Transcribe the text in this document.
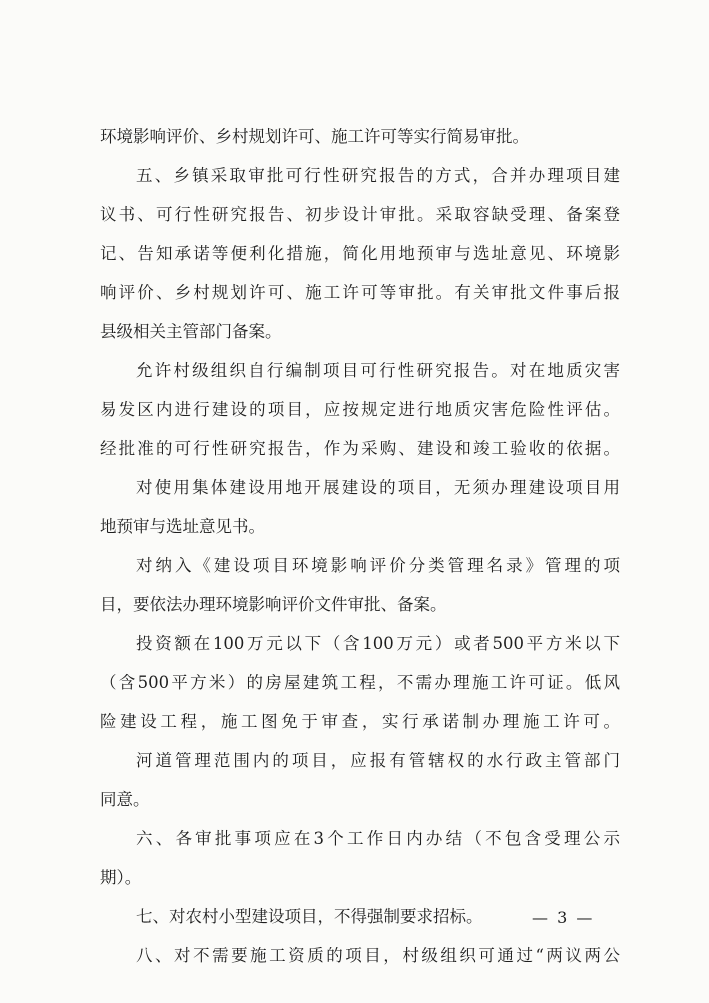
环境影响评价、乡村规划许可、施工许可等实行简易审批。
五、乡镇采取审批可行性研究报告的方式，合并办理项目建
议书、可行性研究报告、初步设计审批。采取容缺受理、备案登
记、告知承诺等便利化措施，简化用地预审与选址意见、环境影
响评价、乡村规划许可、施工许可等审批。有关审批文件事后报
县级相关主管部门备案。
允许村级组织自行编制项目可行性研究报告。对在地质灾害
易发区内进行建设的项目，应按规定进行地质灾害危险性评估。
经批准的可行性研究报告，作为采购、建设和竣工验收的依据。
对使用集体建设用地开展建设的项目，无须办理建设项目用
地预审与选址意见书。
对纳入《建设项目环境影响评价分类管理名录》管理的项
目，要依法办理环境影响评价文件审批、备案。
投资额在100万元以下（含100万元）或者500平方米以下
（含500平方米）的房屋建筑工程，不需办理施工许可证。低风
险建设工程，施工图免于审查，实行承诺制办理施工许可。
河道管理范围内的项目，应报有管辖权的水行政主管部门
同意。
六、各审批事项应在3个工作日内办结（不包含受理公示
期）。
七、对农村小型建设项目，不得强制要求招标。
八、对不需要施工资质的项目，村级组织可通过“两议两公
— 3 —
